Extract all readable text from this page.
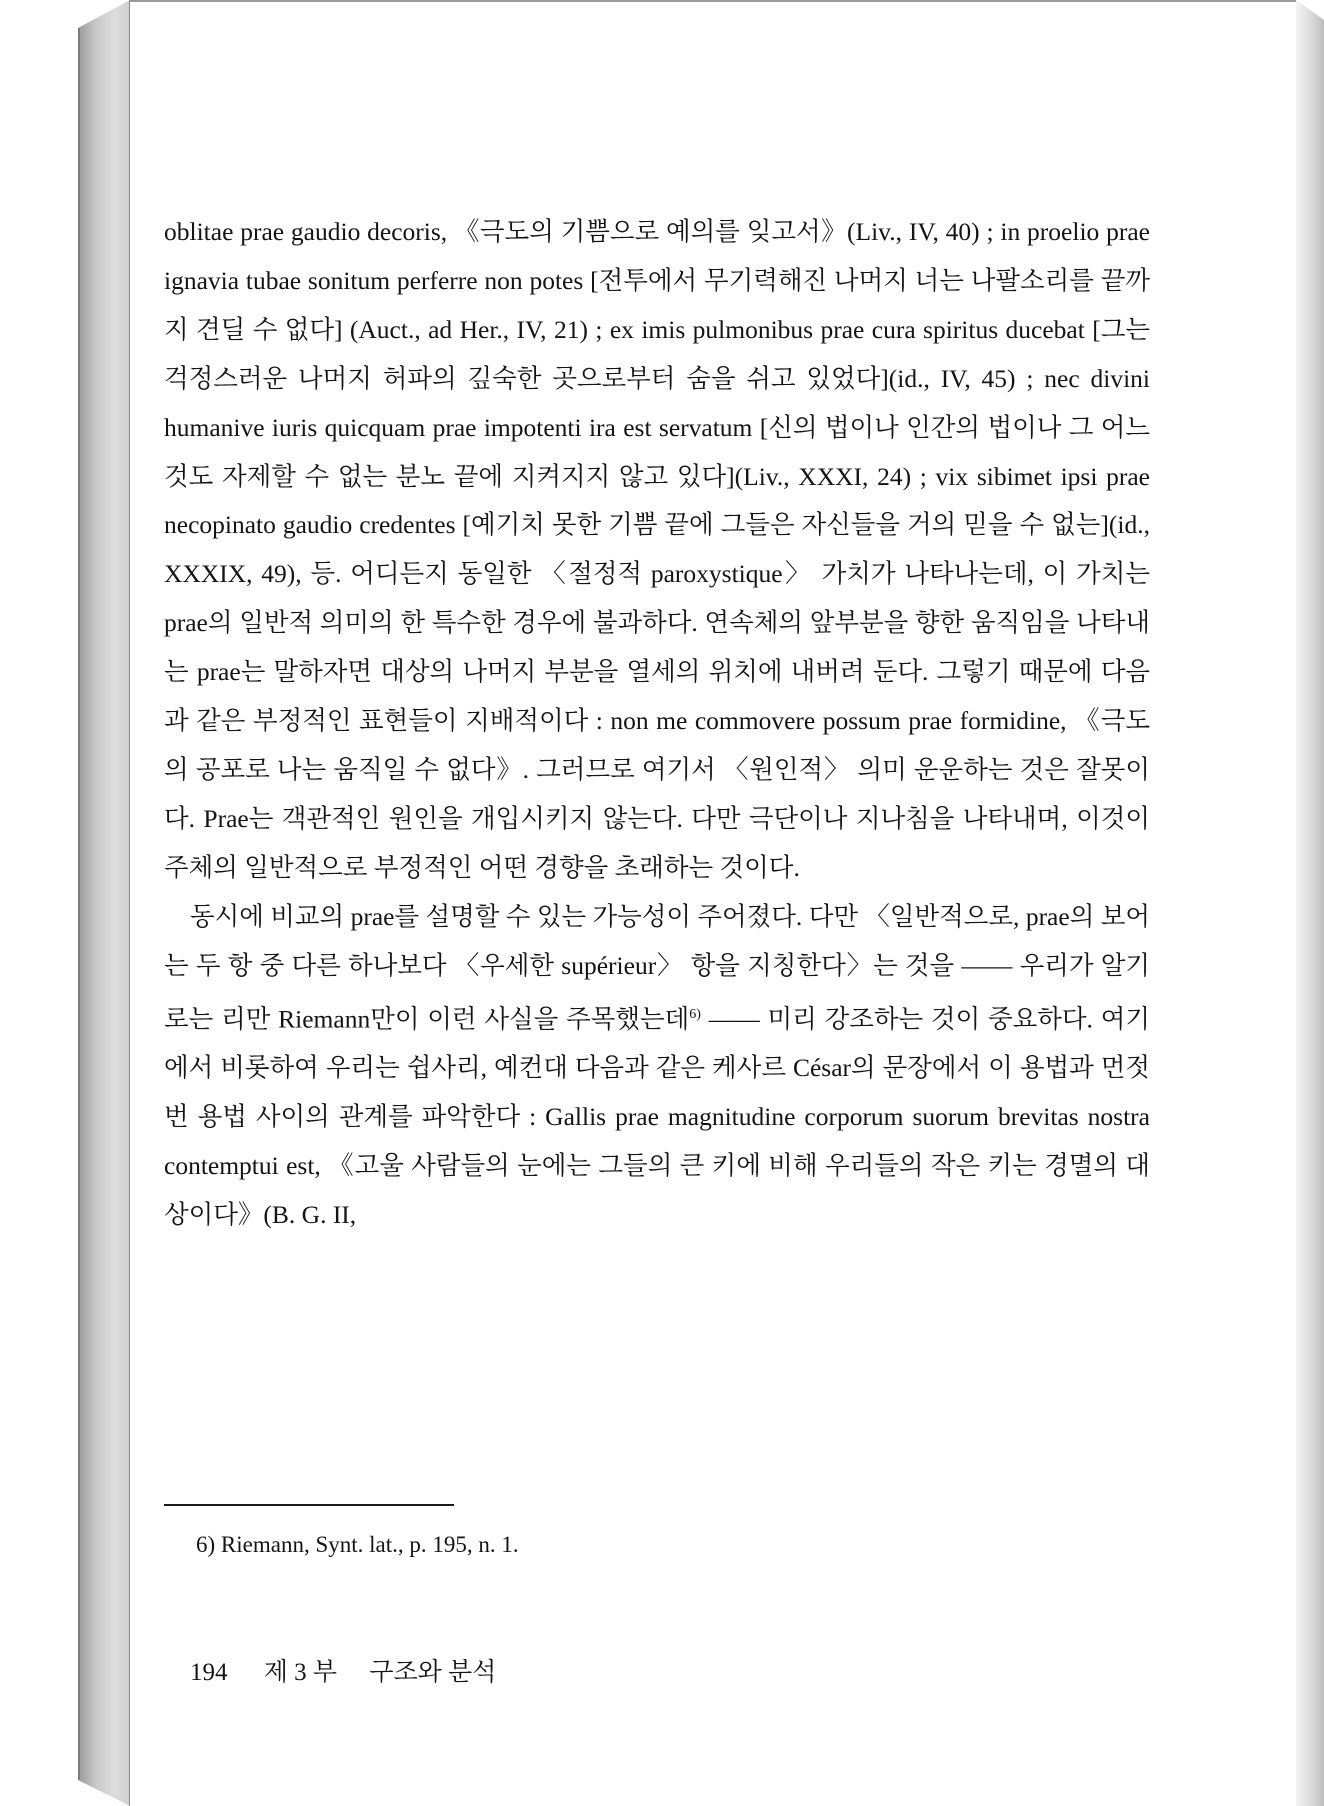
oblitae prae gaudio decoris, 《극도의 기쁨으로 예의를 잊고서》(Liv., IV, 40) ; in proelio prae ignavia tubae sonitum perferre non potes [전투에서 무기력해진 나머지 너는 나팔소리를 끝까지 견딜 수 없다] (Auct., ad Her., IV, 21) ; ex imis pulmonibus prae cura spiritus ducebat [그는 걱정스러운 나머지 허파의 깊숙한 곳으로부터 숨을 쉬고 있었다](id., IV, 45) ; nec divini humanive iuris quicquam prae impotenti ira est servatum [신의 법이나 인간의 법이나 그 어느 것도 자제할 수 없는 분노 끝에 지켜지지 않고 있다](Liv., XXXI, 24) ; vix sibimet ipsi prae necopinato gaudio credentes [예기치 못한 기쁨 끝에 그들은 자신들을 거의 믿을 수 없는](id., XXXIX, 49), 등. 어디든지 동일한 〈절정적 paroxystique〉 가치가 나타나는데, 이 가치는 prae의 일반적 의미의 한 특수한 경우에 불과하다. 연속체의 앞부분을 향한 움직임을 나타내는 prae는 말하자면 대상의 나머지 부분을 열세의 위치에 내버려 둔다. 그렇기 때문에 다음과 같은 부정적인 표현들이 지배적이다 : non me commovere possum prae formidine, 《극도의 공포로 나는 움직일 수 없다》. 그러므로 여기서 〈원인적〉 의미 운운하는 것은 잘못이다. Prae는 객관적인 원인을 개입시키지 않는다. 다만 극단이나 지나침을 나타내며, 이것이 주체의 일반적으로 부정적인 어떤 경향을 초래하는 것이다.

동시에 비교의 prae를 설명할 수 있는 가능성이 주어졌다. 다만 〈일반적으로, prae의 보어는 두 항 중 다른 하나보다 〈우세한 supérieur〉 항을 지칭한다〉는 것을 ―― 우리가 알기로는 리만 Riemann만이 이런 사실을 주목했는데$^{6)}$ ―― 미리 강조하는 것이 중요하다. 여기에서 비롯하여 우리는 쉽사리, 예컨대 다음과 같은 케사르 César의 문장에서 이 용법과 먼젓번 용법 사이의 관계를 파악한다 : Gallis prae magnitudine corporum suorum brevitas nostra contemptui est, 《고울 사람들의 눈에는 그들의 큰 키에 비해 우리들의 작은 키는 경멸의 대상이다》(B. G. II,

6) Riemann, Synt. lat., p. 195, n. 1.
194 제 3 부 구조와 분석
